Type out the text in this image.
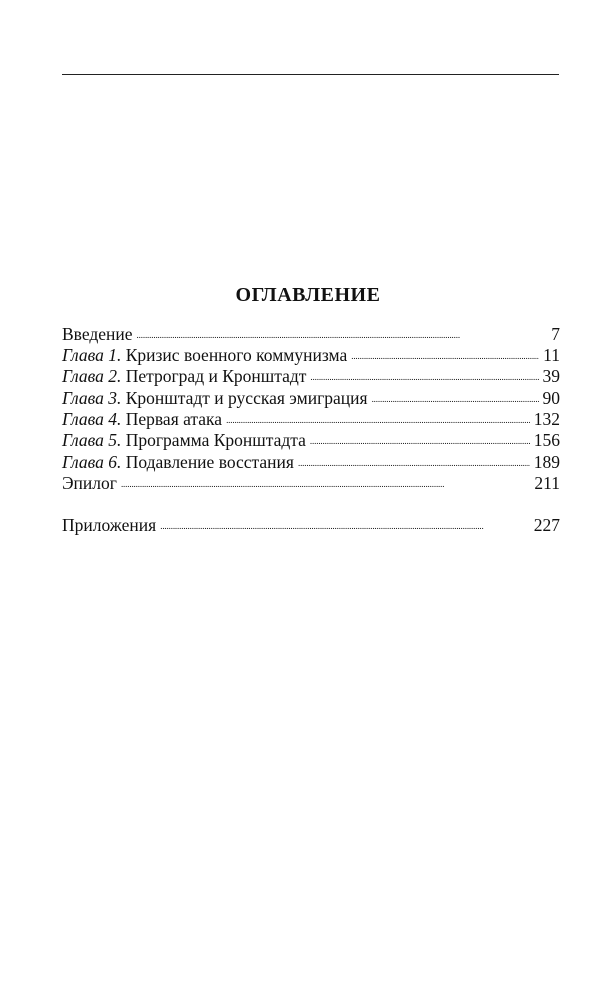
ОГЛАВЛЕНИЕ
Введение . . .	7
Глава 1. Кризис военного коммунизма . . .	11
Глава 2. Петроград и Кронштадт . . .	39
Глава 3. Кронштадт и русская эмиграция . . .	90
Глава 4. Первая атака . . .	132
Глава 5. Программа Кронштадта . . .	156
Глава 6. Подавление восстания . . .	189
Эпилог . . .	211
Приложения . . .	227
